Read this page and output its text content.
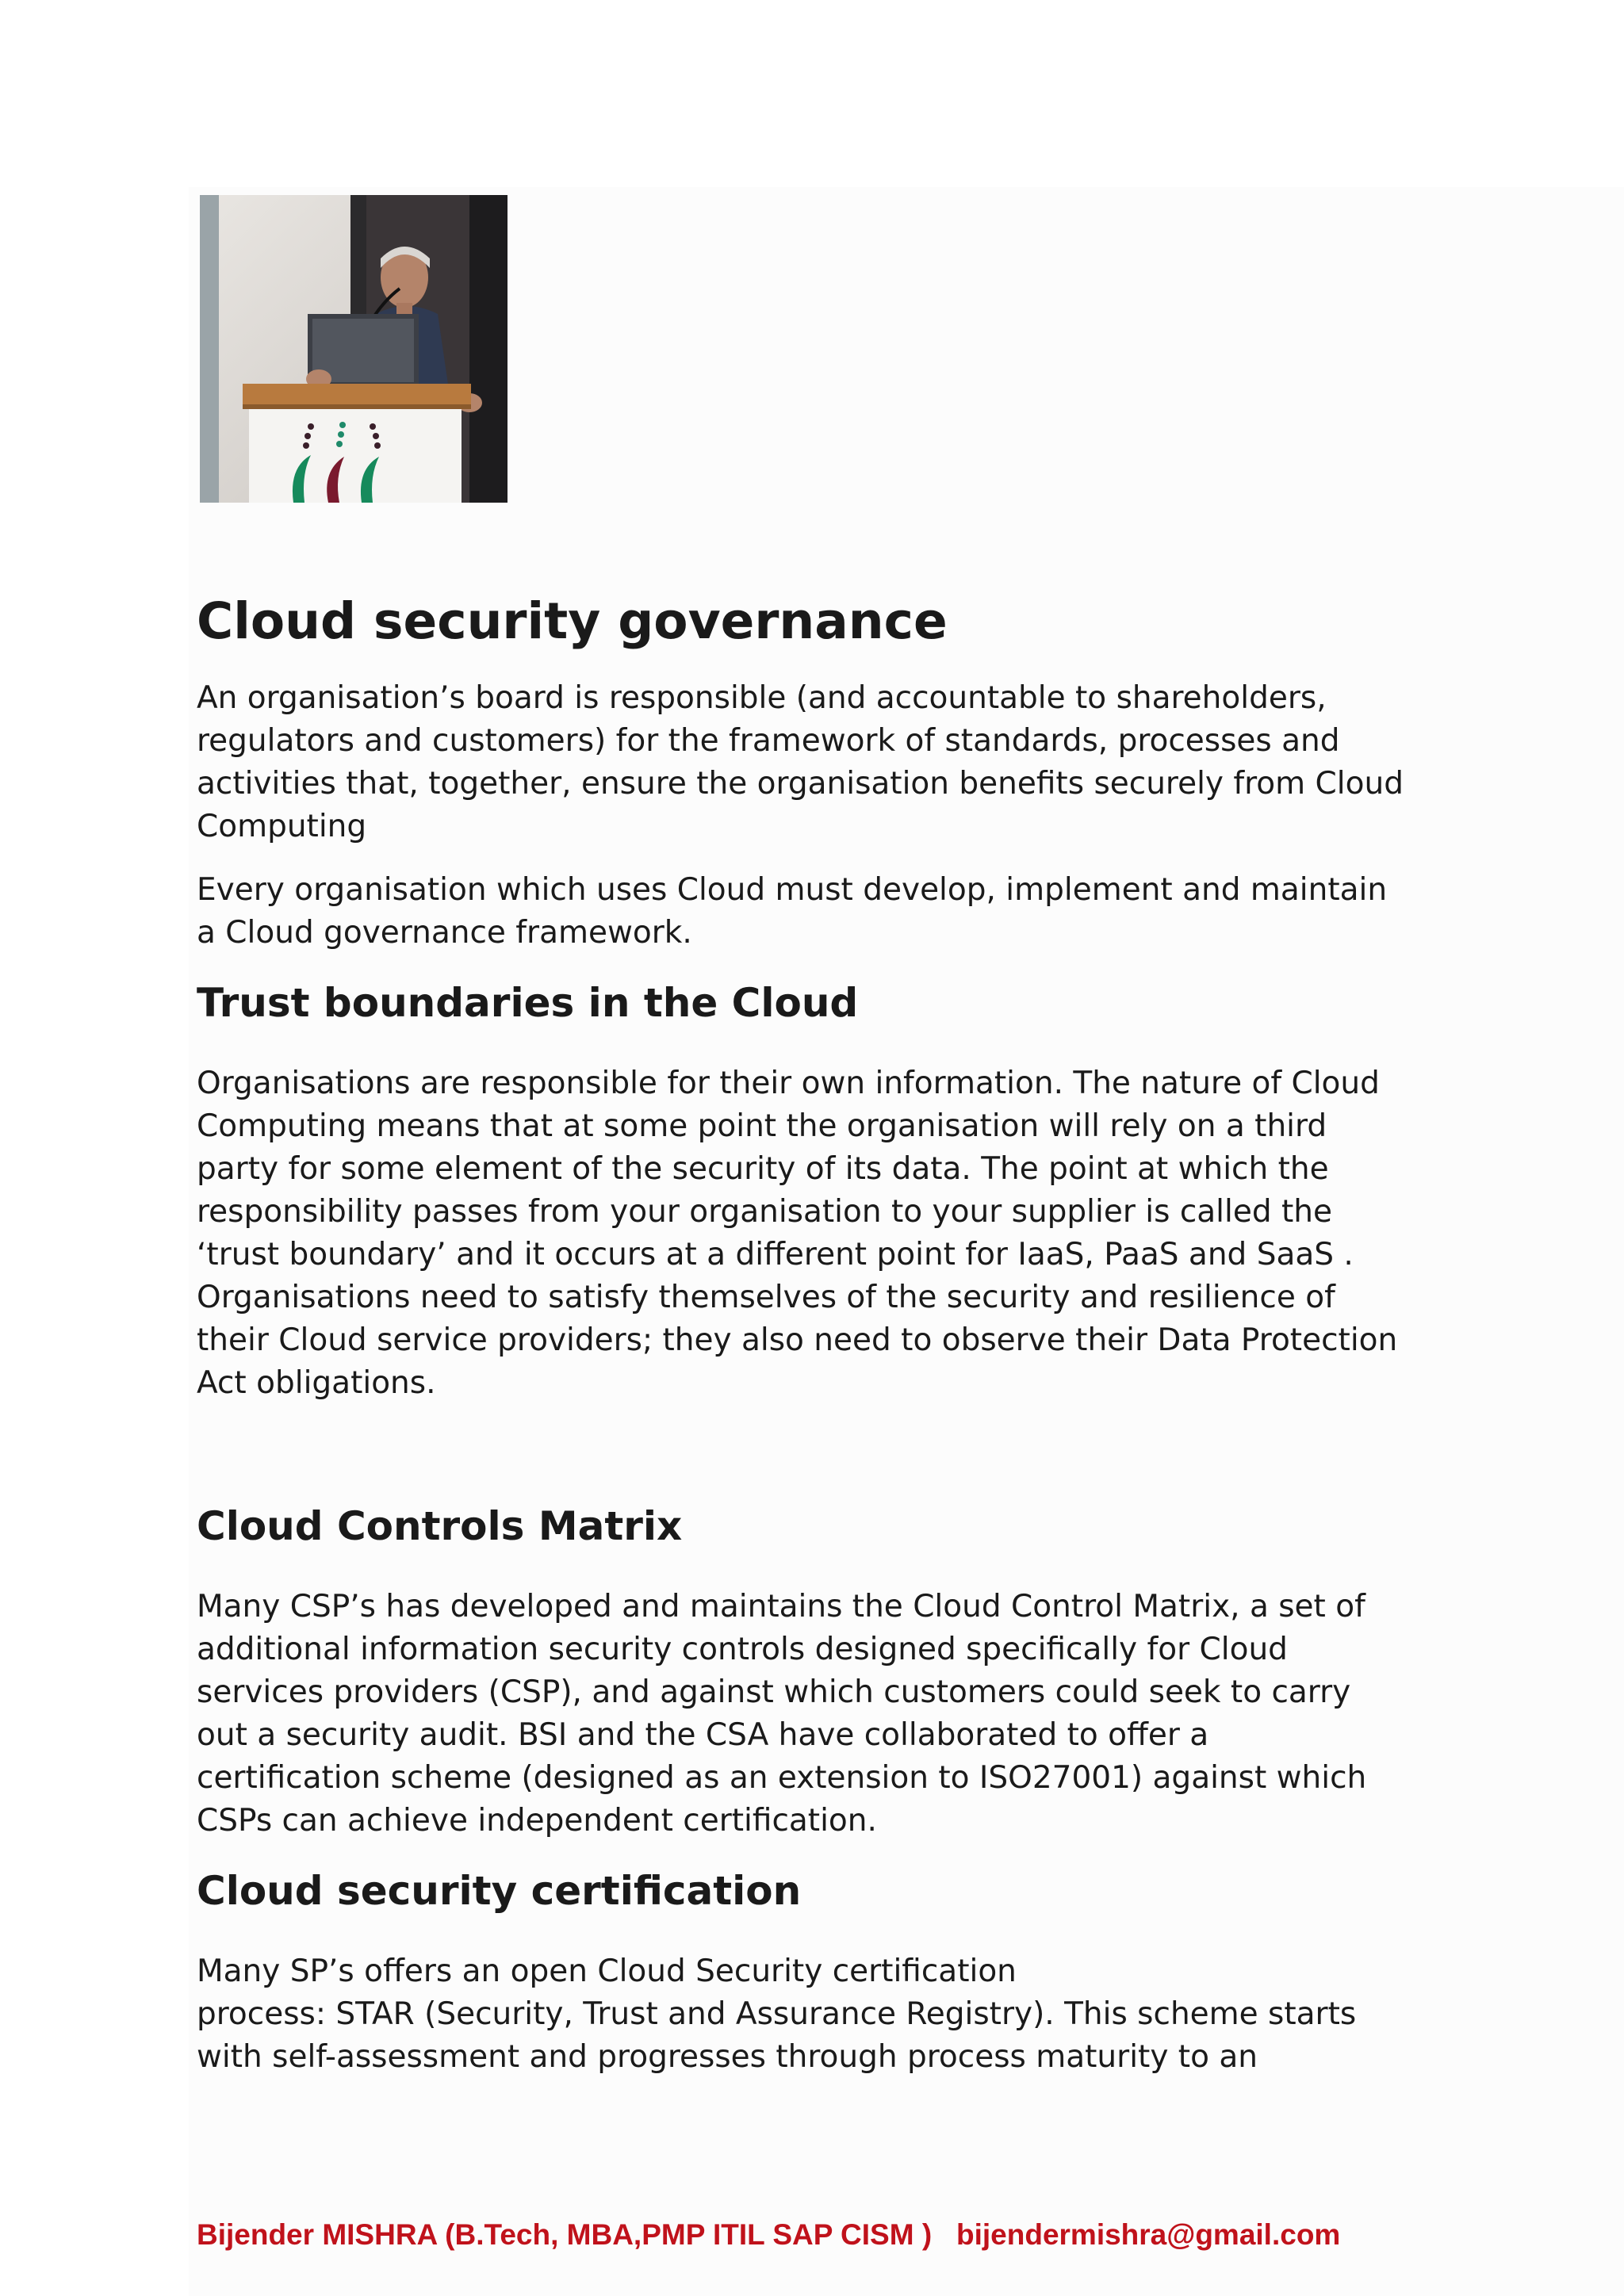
Cloud security governance

An organisation’s board is responsible (and accountable to shareholders,
regulators and customers) for the framework of standards, processes and
activities that, together, ensure the organisation benefits securely from Cloud
Computing

Every organisation which uses Cloud must develop, implement and maintain
a Cloud governance framework.

Trust boundaries in the Cloud

Organisations are responsible for their own information. The nature of Cloud
Computing means that at some point the organisation will rely on a third
party for some element of the security of its data. The point at which the
responsibility passes from your organisation to your supplier is called the
‘trust boundary’ and it occurs at a different point for IaaS, PaaS and SaaS .
Organisations need to satisfy themselves of the security and resilience of
their Cloud service providers; they also need to observe their Data Protection
Act obligations.

Cloud Controls Matrix

Many CSP’s has developed and maintains the Cloud Control Matrix, a set of
additional information security controls designed specifically for Cloud
services providers (CSP), and against which customers could seek to carry
out a security audit. BSI and the CSA have collaborated to offer a
certification scheme (designed as an extension to ISO27001) against which
CSPs can achieve independent certification.

Cloud security certification

Many SP’s offers an open Cloud Security certification
process: STAR (Security, Trust and Assurance Registry). This scheme starts
with self-assessment and progresses through process maturity to an

Bijender MISHRA (B.Tech, MBA,PMP ITIL SAP CISM ) bijendermishra@gmail.com
